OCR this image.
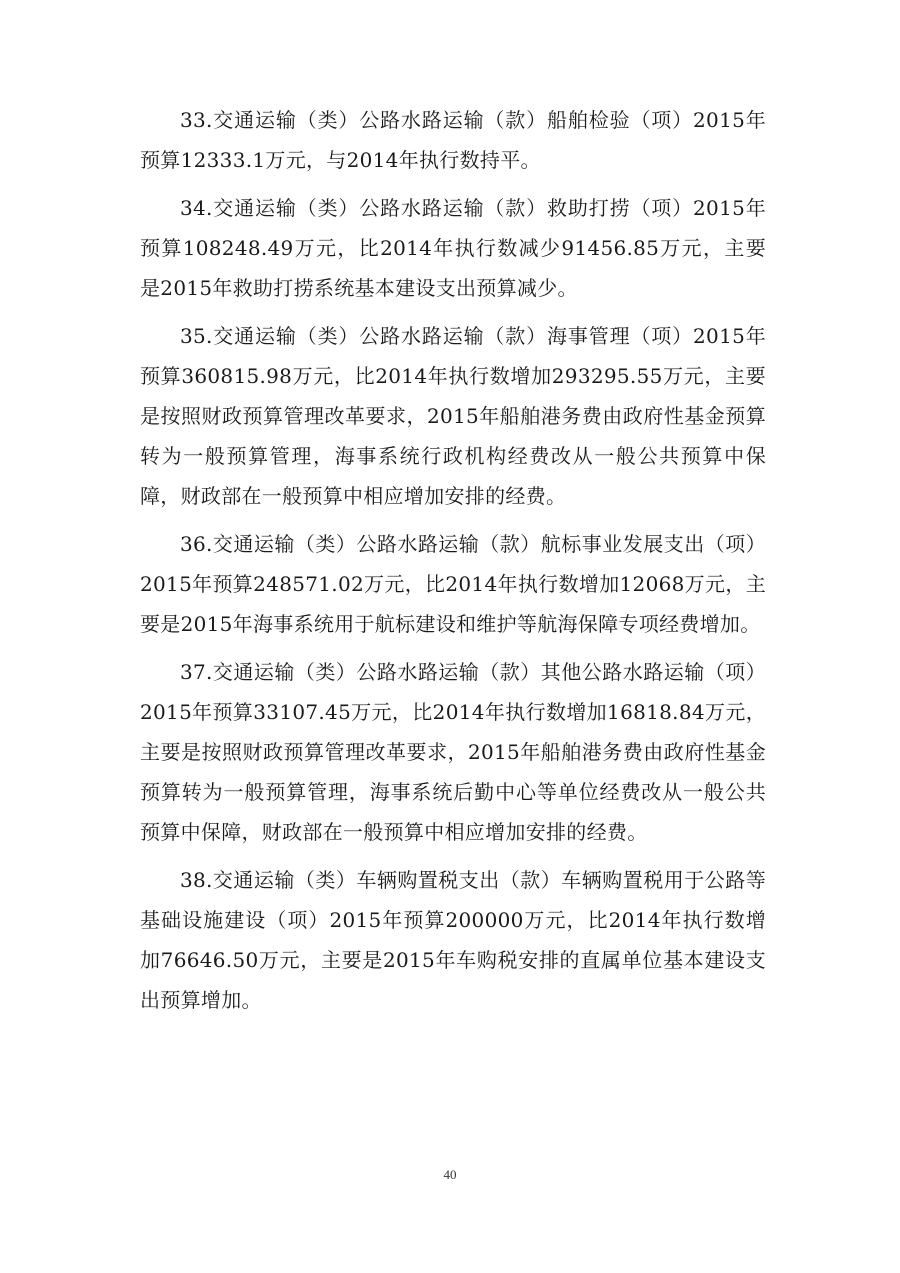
33.交通运输（类）公路水路运输（款）船舶检验（项）2015年预算12333.1万元，与2014年执行数持平。

34.交通运输（类）公路水路运输（款）救助打捞（项）2015年预算108248.49万元，比2014年执行数减少91456.85万元，主要是2015年救助打捞系统基本建设支出预算减少。

35.交通运输（类）公路水路运输（款）海事管理（项）2015年预算360815.98万元，比2014年执行数增加293295.55万元，主要是按照财政预算管理改革要求，2015年船舶港务费由政府性基金预算转为一般预算管理，海事系统行政机构经费改从一般公共预算中保障，财政部在一般预算中相应增加安排的经费。

36.交通运输（类）公路水路运输（款）航标事业发展支出（项）2015年预算248571.02万元，比2014年执行数增加12068万元，主要是2015年海事系统用于航标建设和维护等航海保障专项经费增加。

37.交通运输（类）公路水路运输（款）其他公路水路运输（项）2015年预算33107.45万元，比2014年执行数增加16818.84万元，主要是按照财政预算管理改革要求，2015年船舶港务费由政府性基金预算转为一般预算管理，海事系统后勤中心等单位经费改从一般公共预算中保障，财政部在一般预算中相应增加安排的经费。

38.交通运输（类）车辆购置税支出（款）车辆购置税用于公路等基础设施建设（项）2015年预算200000万元，比2014年执行数增加76646.50万元，主要是2015年车购税安排的直属单位基本建设支出预算增加。

40
